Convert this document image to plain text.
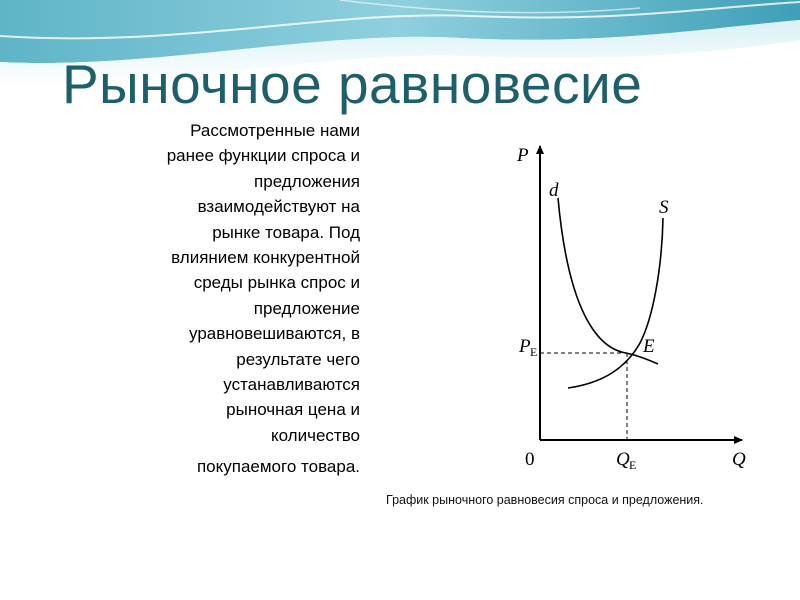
Рыночное равновесие
Рассмотренные нами
ранее функции спроса и
предложения
взаимодействуют на
рынке товара. Под
влиянием конкурентной
среды рынка спрос и
предложение
уравновешиваются, в
результате чего
устанавливаются
рыночная цена и
количество
покупаемого товара.
P
Q
0
d
S
E
P E
Q E
График рыночного равновесия спроса и предложения.
